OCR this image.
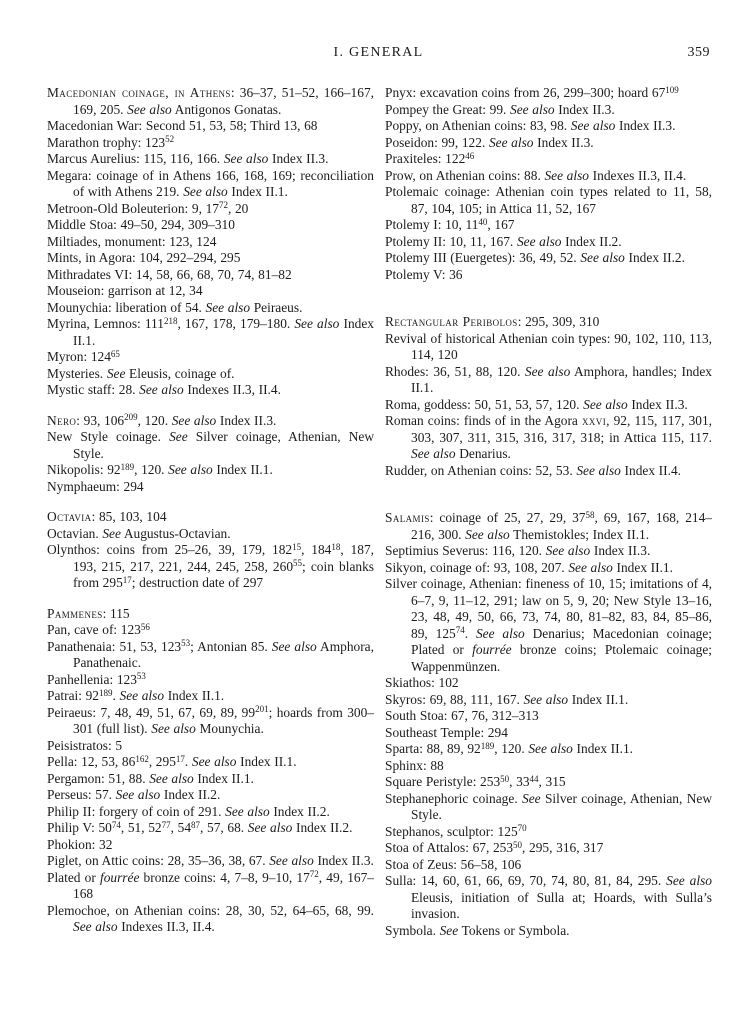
I. GENERAL	359

Macedonian coinage, in Athens: 36–37, 51–52, 166–167, 169, 205. See also Antigonos Gonatas.

Macedonian War: Second 51, 53, 58; Third 13, 68

Marathon trophy: $123^{52}$

Marcus Aurelius: 115, 116, 166. See also Index II.3.

Megara: coinage of in Athens 166, 168, 169; reconciliation of with Athens 219. See also Index II.1.

Metroon-Old Boleuterion: 9, $17^{72}$, 20

Middle Stoa: 49–50, 294, 309–310

Miltiades, monument: 123, 124

Mints, in Agora: 104, 292–294, 295

Mithradates VI: 14, 58, 66, 68, 70, 74, 81–82

Mouseion: garrison at 12, 34

Mounychia: liberation of 54. See also Peiraeus.

Myrina, Lemnos: $111^{218}$, 167, 178, 179–180. See also Index II.1.

Myron: $124^{65}$

Mysteries. See Eleusis, coinage of.

Mystic staff: 28. See also Indexes II.3, II.4.

Nero: 93, $106^{209}$, 120. See also Index II.3.

New Style coinage. See Silver coinage, Athenian, New Style.

Nikopolis: $92^{189}$, 120. See also Index II.1.

Nymphaeum: 294

Octavia: 85, 103, 104

Octavian. See Augustus-Octavian.

Olynthos: coins from 25–26, 39, 179, $182^{15}$, $184^{18}$, 187, 193, 215, 217, 221, 244, 245, 258, $260^{55}$; coin blanks from $295^{17}$; destruction date of 297

Pammenes: 115

Pan, cave of: $123^{56}$

Panathenaia: 51, 53, $123^{53}$; Antonian 85. See also Amphora, Panathenaic.

Panhellenia: $123^{53}$

Patrai: $92^{189}$. See also Index II.1.

Peiraeus: 7, 48, 49, 51, 67, 69, 89, $99^{201}$; hoards from 300–301 (full list). See also Mounychia.

Peisistratos: 5

Pella: 12, 53, $86^{162}$, $295^{17}$. See also Index II.1.

Pergamon: 51, 88. See also Index II.1.

Perseus: 57. See also Index II.2.

Philip II: forgery of coin of 291. See also Index II.2.

Philip V: $50^{74}$, 51, $52^{77}$, $54^{87}$, 57, 68. See also Index II.2.

Phokion: 32

Piglet, on Attic coins: 28, 35–36, 38, 67. See also Index II.3.

Plated or fourrée bronze coins: 4, 7–8, 9–10, $17^{72}$, 49, 167–168

Plemochoe, on Athenian coins: 28, 30, 52, 64–65, 68, 99. See also Indexes II.3, II.4.

Pnyx: excavation coins from 26, 299–300; hoard $67^{109}$

Pompey the Great: 99. See also Index II.3.

Poppy, on Athenian coins: 83, 98. See also Index II.3.

Poseidon: 99, 122. See also Index II.3.

Praxiteles: $122^{46}$

Prow, on Athenian coins: 88. See also Indexes II.3, II.4.

Ptolemaic coinage: Athenian coin types related to 11, 58, 87, 104, 105; in Attica 11, 52, 167

Ptolemy I: 10, $11^{40}$, 167

Ptolemy II: 10, 11, 167. See also Index II.2.

Ptolemy III (Euergetes): 36, 49, 52. See also Index II.2.

Ptolemy V: 36

Rectangular Peribolos: 295, 309, 310

Revival of historical Athenian coin types: 90, 102, 110, 113, 114, 120

Rhodes: 36, 51, 88, 120. See also Amphora, handles; Index II.1.

Roma, goddess: 50, 51, 53, 57, 120. See also Index II.3.

Roman coins: finds of in the Agora xxvi, 92, 115, 117, 301, 303, 307, 311, 315, 316, 317, 318; in Attica 115, 117. See also Denarius.

Rudder, on Athenian coins: 52, 53. See also Index II.4.

Salamis: coinage of 25, 27, 29, $37^{58}$, 69, 167, 168, 214–216, 300. See also Themistokles; Index II.1.

Septimius Severus: 116, 120. See also Index II.3.

Sikyon, coinage of: 93, 108, 207. See also Index II.1.

Silver coinage, Athenian: fineness of 10, 15; imitations of 4, 6–7, 9, 11–12, 291; law on 5, 9, 20; New Style 13–16, 23, 48, 49, 50, 66, 73, 74, 80, 81–82, 83, 84, 85–86, 89, $125^{74}$. See also Denarius; Macedonian coinage; Plated or fourrée bronze coins; Ptolemaic coinage; Wappenmünzen.

Skiathos: 102

Skyros: 69, 88, 111, 167. See also Index II.1.

South Stoa: 67, 76, 312–313

Southeast Temple: 294

Sparta: 88, 89, $92^{189}$, 120. See also Index II.1.

Sphinx: 88

Square Peristyle: $253^{50}$, $33^{44}$, 315

Stephanephoric coinage. See Silver coinage, Athenian, New Style.

Stephanos, sculptor: $125^{70}$

Stoa of Attalos: 67, $253^{50}$, 295, 316, 317

Stoa of Zeus: 56–58, 106

Sulla: 14, 60, 61, 66, 69, 70, 74, 80, 81, 84, 295. See also Eleusis, initiation of Sulla at; Hoards, with Sulla’s invasion.

Symbola. See Tokens or Symbola.
